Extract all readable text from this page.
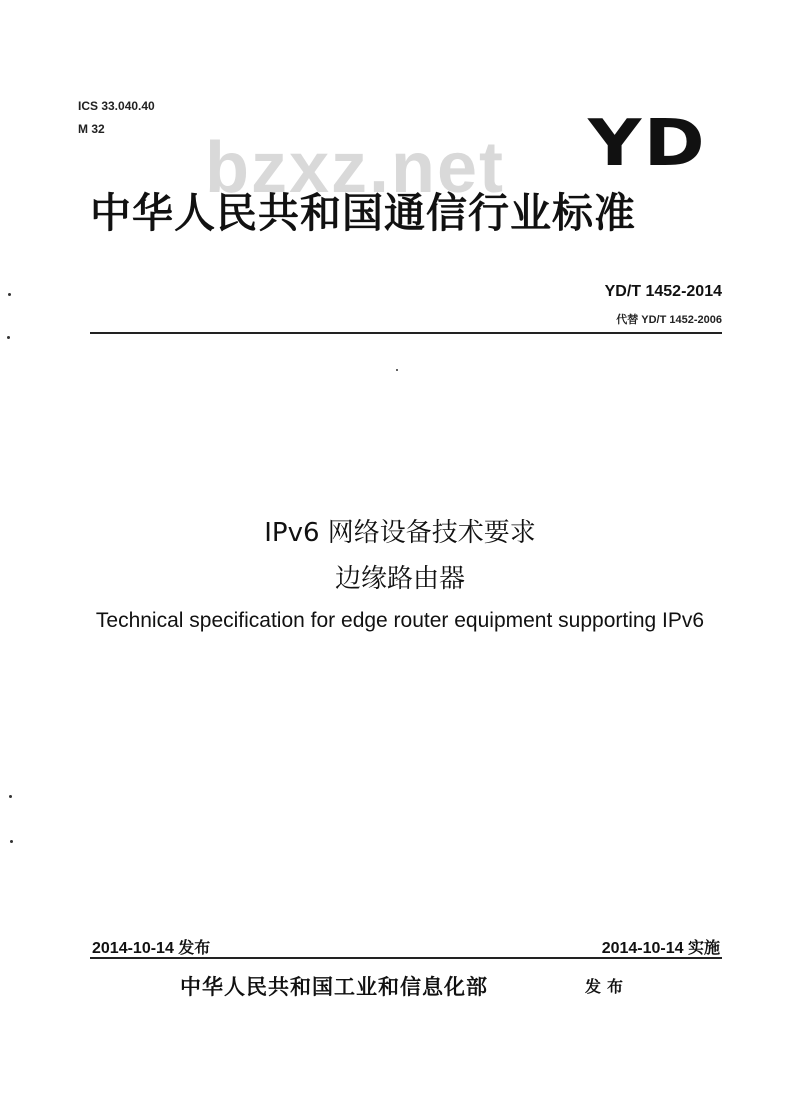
ICS 33.040.40
M 32 bzxz.net YD
中华人民共和国通信行业标准
YD/T 1452-2014
代替 YD/T 1452-2006
IPv6 网络设备技术要求
边缘路由器
Technical specification for edge router equipment supporting IPv6
2014-10-14 发布	2014-10-14 实施
中华人民共和国工业和信息化部	发布
